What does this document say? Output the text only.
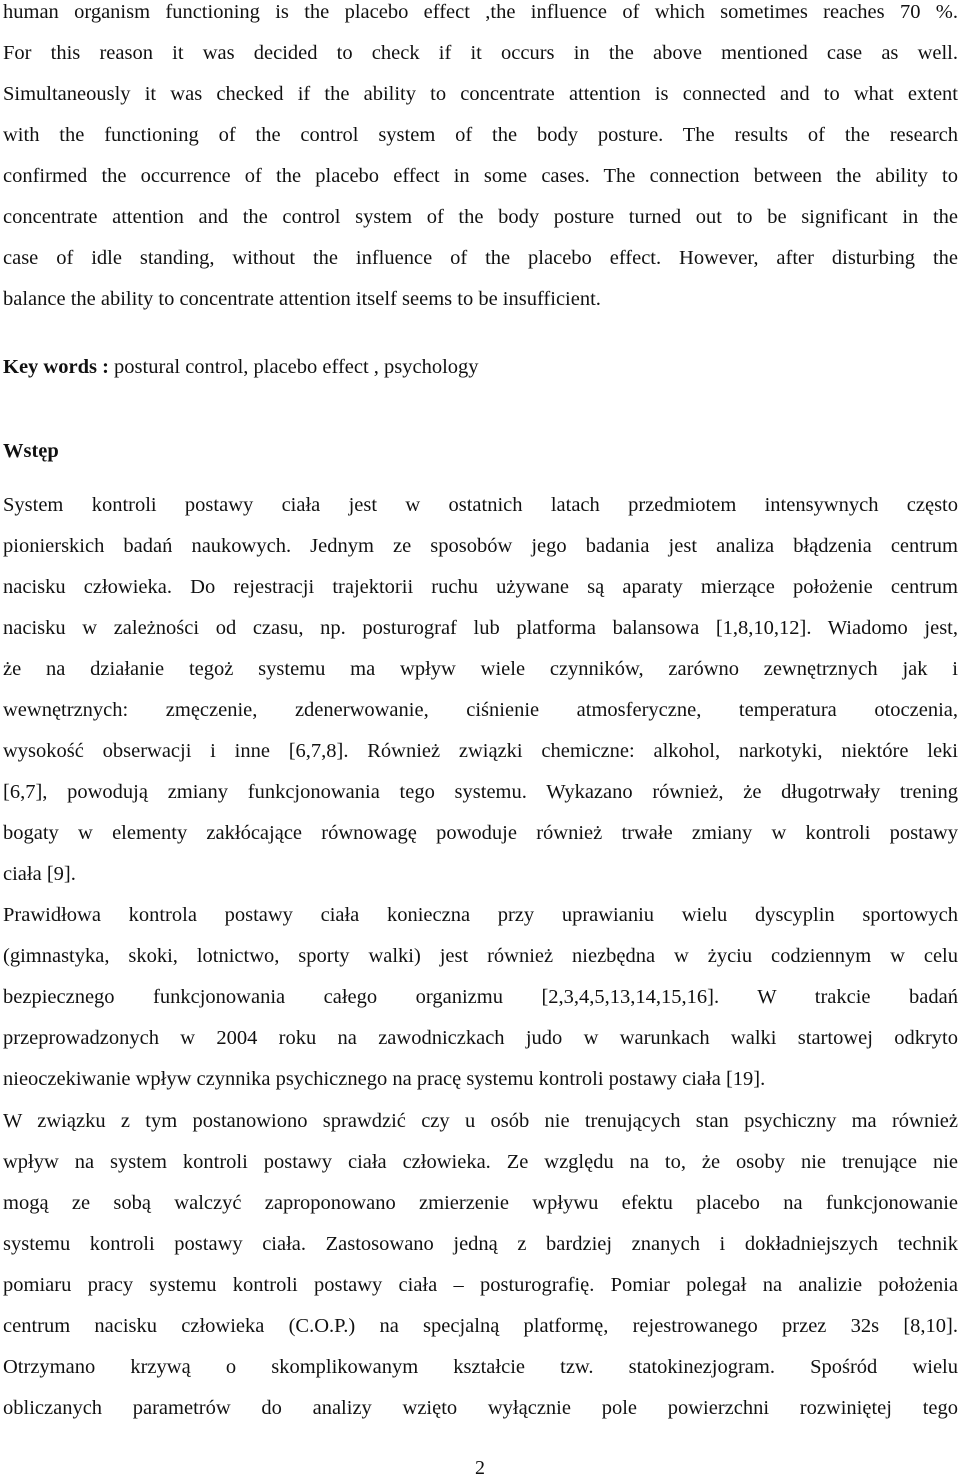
human organism functioning is the placebo effect ,the influence of which sometimes reaches 70 %.
For this reason it was decided to check if it occurs in the above mentioned case as well.
Simultaneously it was checked if the ability to concentrate attention is connected and to what extent
with the functioning of the control system of the body posture. The results of the research
confirmed the occurrence of the placebo effect in some cases. The connection between the ability to
concentrate attention and the control system of the body posture turned out to be significant in the
case of idle standing, without the influence of the placebo effect. However, after disturbing the
balance the ability to concentrate attention itself seems to be insufficient.
Key words : postural control, placebo effect , psychology
Wstęp
System kontroli postawy ciała jest w ostatnich latach przedmiotem intensywnych często
pionierskich badań naukowych. Jednym ze sposobów jego badania jest analiza błądzenia centrum
nacisku człowieka. Do rejestracji trajektorii ruchu używane są aparaty mierzące położenie centrum
nacisku w zależności od czasu, np. posturograf lub platforma balansowa [1,8,10,12]. Wiadomo jest,
że na działanie tegoż systemu ma wpływ wiele czynników, zarówno zewnętrznych jak i
wewnętrznych: zmęczenie, zdenerwowanie, ciśnienie atmosferyczne, temperatura otoczenia,
wysokość obserwacji i inne [6,7,8]. Również związki chemiczne: alkohol, narkotyki, niektóre leki
[6,7], powodują zmiany funkcjonowania tego systemu. Wykazano również, że długotrwały trening
bogaty w elementy zakłócające równowagę powoduje również trwałe zmiany w kontroli postawy
ciała [9].
Prawidłowa kontrola postawy ciała konieczna przy uprawianiu wielu dyscyplin sportowych
(gimnastyka, skoki, lotnictwo, sporty walki) jest również niezbędna w życiu codziennym w celu
bezpiecznego funkcjonowania całego organizmu [2,3,4,5,13,14,15,16]. W trakcie badań
przeprowadzonych w 2004 roku na zawodniczkach judo w warunkach walki startowej odkryto
nieoczekiwanie wpływ czynnika psychicznego na pracę systemu kontroli postawy ciała [19].
W związku z tym postanowiono sprawdzić czy u osób nie trenujących stan psychiczny ma również
wpływ na system kontroli postawy ciała człowieka. Ze względu na to, że osoby nie trenujące nie
mogą ze sobą walczyć zaproponowano zmierzenie wpływu efektu placebo na funkcjonowanie
systemu kontroli postawy ciała. Zastosowano jedną z bardziej znanych i dokładniejszych technik
pomiaru pracy systemu kontroli postawy ciała – posturografię. Pomiar polegał na analizie położenia
centrum nacisku człowieka (C.O.P.) na specjalną platformę, rejestrowanego przez 32s [8,10].
Otrzymano krzywą o skomplikowanym kształcie tzw. statokinezjogram. Spośród wielu
obliczanych parametrów do analizy wzięto wyłącznie pole powierzchni rozwiniętej tego
2
